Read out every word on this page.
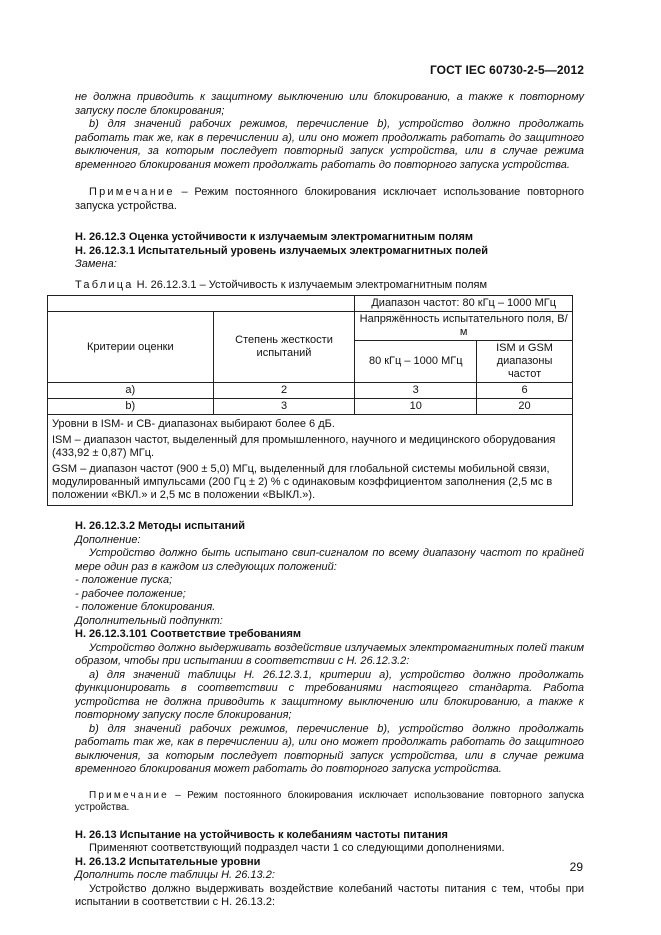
ГОСТ IEC 60730-2-5—2012

не должна приводить к защитному выключению или блокированию, а также к повторному запуску после блокирования;

b) для значений рабочих режимов, перечисление b), устройство должно продолжать работать так же, как в перечислении а), или оно может продолжать работать до защитного выключения, за которым последует повторный запуск устройства, или в случае режима временного блокирования может продолжать работать до повторного запуска устройства.

Примечание – Режим постоянного блокирования исключает использование повторного запуска устройства.

Н. 26.12.3 Оценка устойчивости к излучаемым электромагнитным полям

Н. 26.12.3.1 Испытательный уровень излучаемых электромагнитных полей

Замена:

Таблица Н. 26.12.3.1 – Устойчивость к излучаемым электромагнитным полям

		Диапазон частот: 80 кГц – 1000 МГц	
Критерии оценки	Степень жесткости испытаний	Напряжённость испытательного поля, В/м	
		80 кГц – 1000 МГц	ISM и GSM диапазоны частот
a)	2	3	6
b)	3	10	20

Уровни в ISM- и CB- диапазонах выбирают более 6 дБ.

ISM – диапазон частот, выделенный для промышленного, научного и медицинского оборудования (433,92 ± 0,87) МГц.

GSM – диапазон частот (900 ± 5,0) МГц, выделенный для глобальной системы мобильной связи, модулированный импульсами (200 Гц ± 2) % с одинаковым коэффициентом заполнения (2,5 мс в положении «ВКЛ.» и 2,5 мс в положении «ВЫКЛ.»).			

Н. 26.12.3.2 Методы испытаний

Дополнение:

Устройство должно быть испытано свип-сигналом по всему диапазону частот по крайней мере один раз в каждом из следующих положений:

- положение пуска;

- рабочее положение;

- положение блокирования.

Дополнительный подпункт:

Н. 26.12.3.101 Соответствие требованиям

Устройство должно выдерживать воздействие излучаемых электромагнитных полей таким образом, чтобы при испытании в соответствии с Н. 26.12.3.2:

а) для значений таблицы Н. 26.12.3.1, критерии а), устройство должно продолжать функционировать в соответствии с требованиями настоящего стандарта. Работа устройства не должна приводить к защитному выключению или блокированию, а также к повторному запуску после блокирования;

b) для значений рабочих режимов, перечисление b), устройство должно продолжать работать так же, как в перечислении а), или оно может продолжать работать до защитного выключения, за которым последует повторный запуск устройства, или в случае режима временного блокирования может работать до повторного запуска устройства.

Примечание – Режим постоянного блокирования исключает использование повторного запуска устройства.

Н. 26.13 Испытание на устойчивость к колебаниям частоты питания

Применяют соответствующий подраздел части 1 со следующими дополнениями.

Н. 26.13.2 Испытательные уровни

Дополнить после таблицы Н. 26.13.2:

Устройство должно выдерживать воздействие колебаний частоты питания с тем, чтобы при испытании в соответствии с Н. 26.13.2:

29
